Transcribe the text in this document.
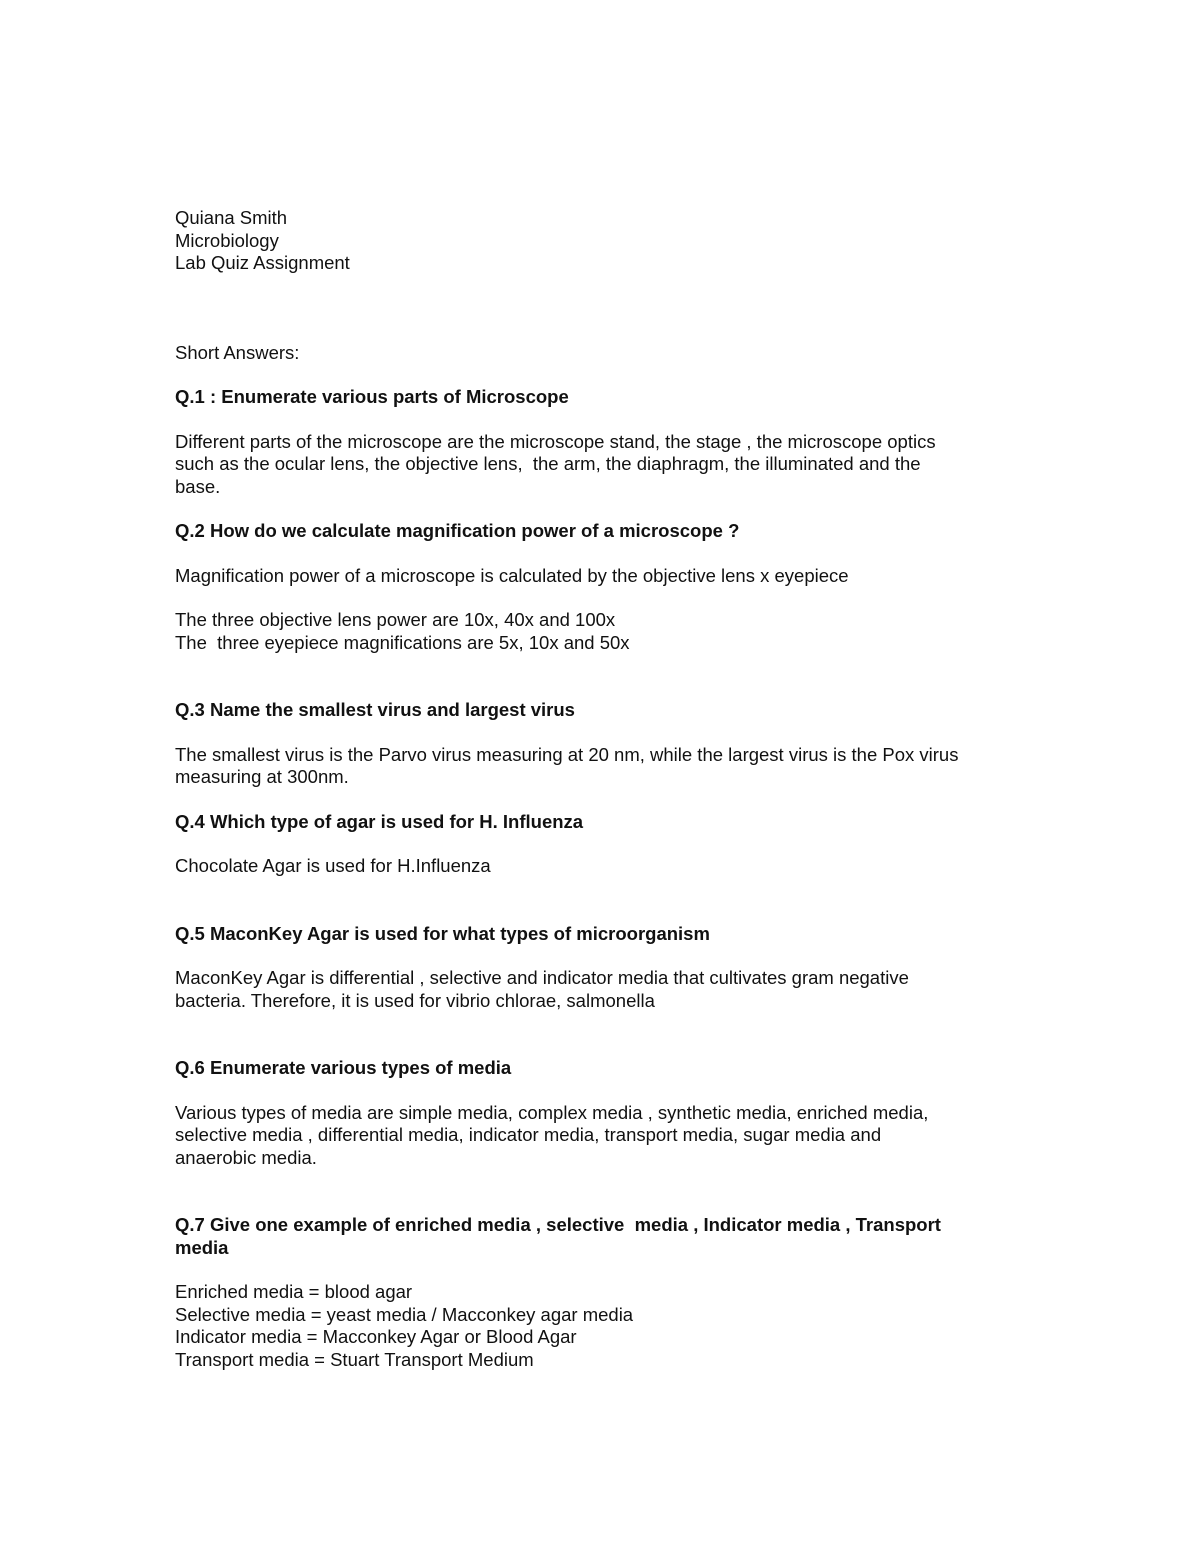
Quiana Smith
Microbiology
Lab Quiz Assignment
Short Answers:
Q.1 : Enumerate various parts of Microscope
Different parts of the microscope are the microscope stand, the stage , the microscope optics
such as the ocular lens, the objective lens,  the arm, the diaphragm, the illuminated and the
base.
Q.2 How do we calculate magnification power of a microscope ?
Magnification power of a microscope is calculated by the objective lens x eyepiece
The three objective lens power are 10x, 40x and 100x
The  three eyepiece magnifications are 5x, 10x and 50x
Q.3 Name the smallest virus and largest virus
The smallest virus is the Parvo virus measuring at 20 nm, while the largest virus is the Pox virus
measuring at 300nm.
Q.4 Which type of agar is used for H. Influenza
Chocolate Agar is used for H.Influenza
Q.5 MaconKey Agar is used for what types of microorganism
MaconKey Agar is differential , selective and indicator media that cultivates gram negative
bacteria. Therefore, it is used for vibrio chlorae, salmonella
Q.6 Enumerate various types of media
Various types of media are simple media, complex media , synthetic media, enriched media,
selective media , differential media, indicator media, transport media, sugar media and
anaerobic media.
Q.7 Give one example of enriched media , selective  media , Indicator media , Transport
media
Enriched media = blood agar
Selective media = yeast media / Macconkey agar media
Indicator media = Macconkey Agar or Blood Agar
Transport media = Stuart Transport Medium
